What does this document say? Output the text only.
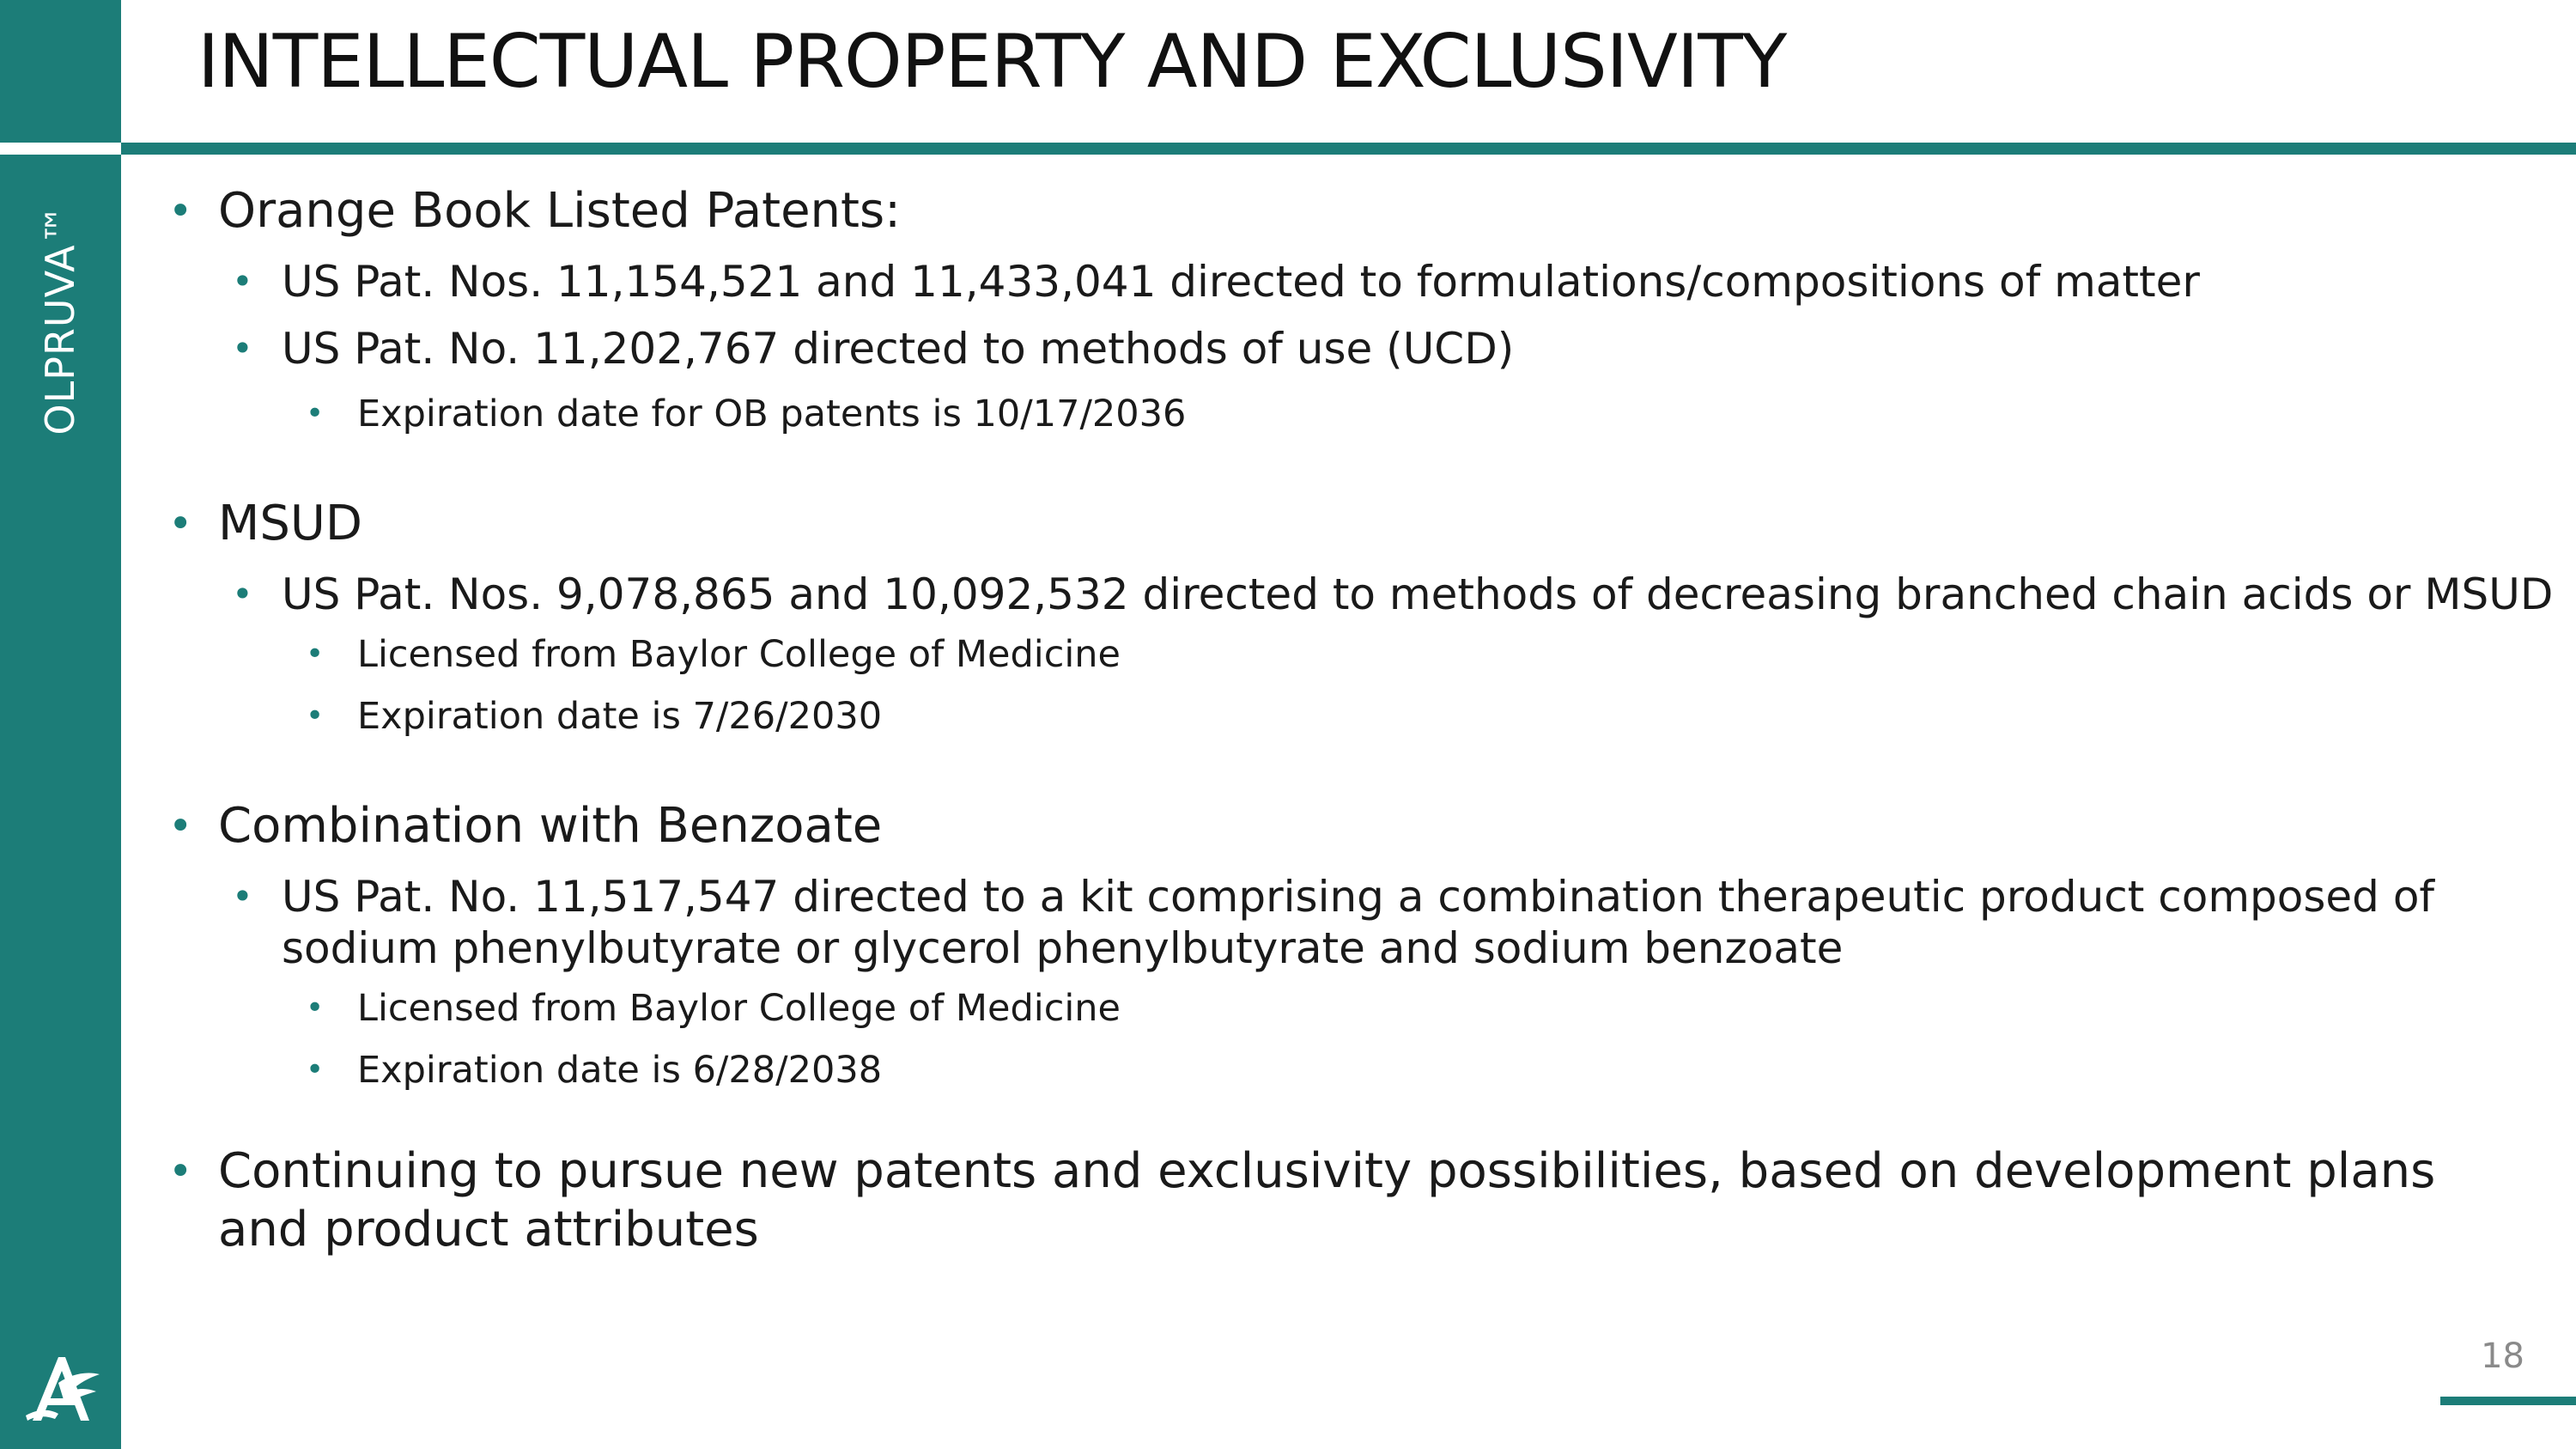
OLPRUVA™
INTELLECTUAL PROPERTY AND EXCLUSIVITY
• Orange Book Listed Patents:
• US Pat. Nos. 11,154,521 and 11,433,041 directed to formulations/compositions of matter
• US Pat. No. 11,202,767 directed to methods of use (UCD)
• Expiration date for OB patents is 10/17/2036
• MSUD
• US Pat. Nos. 9,078,865 and 10,092,532 directed to methods of decreasing branched chain acids or MSUD
• Licensed from Baylor College of Medicine
• Expiration date is 7/26/2030
• Combination with Benzoate
• US Pat. No. 11,517,547 directed to a kit comprising a combination therapeutic product composed of sodium phenylbutyrate or glycerol phenylbutyrate and sodium benzoate
• Licensed from Baylor College of Medicine
• Expiration date is 6/28/2038
• Continuing to pursue new patents and exclusivity possibilities, based on development plans and product attributes
18
